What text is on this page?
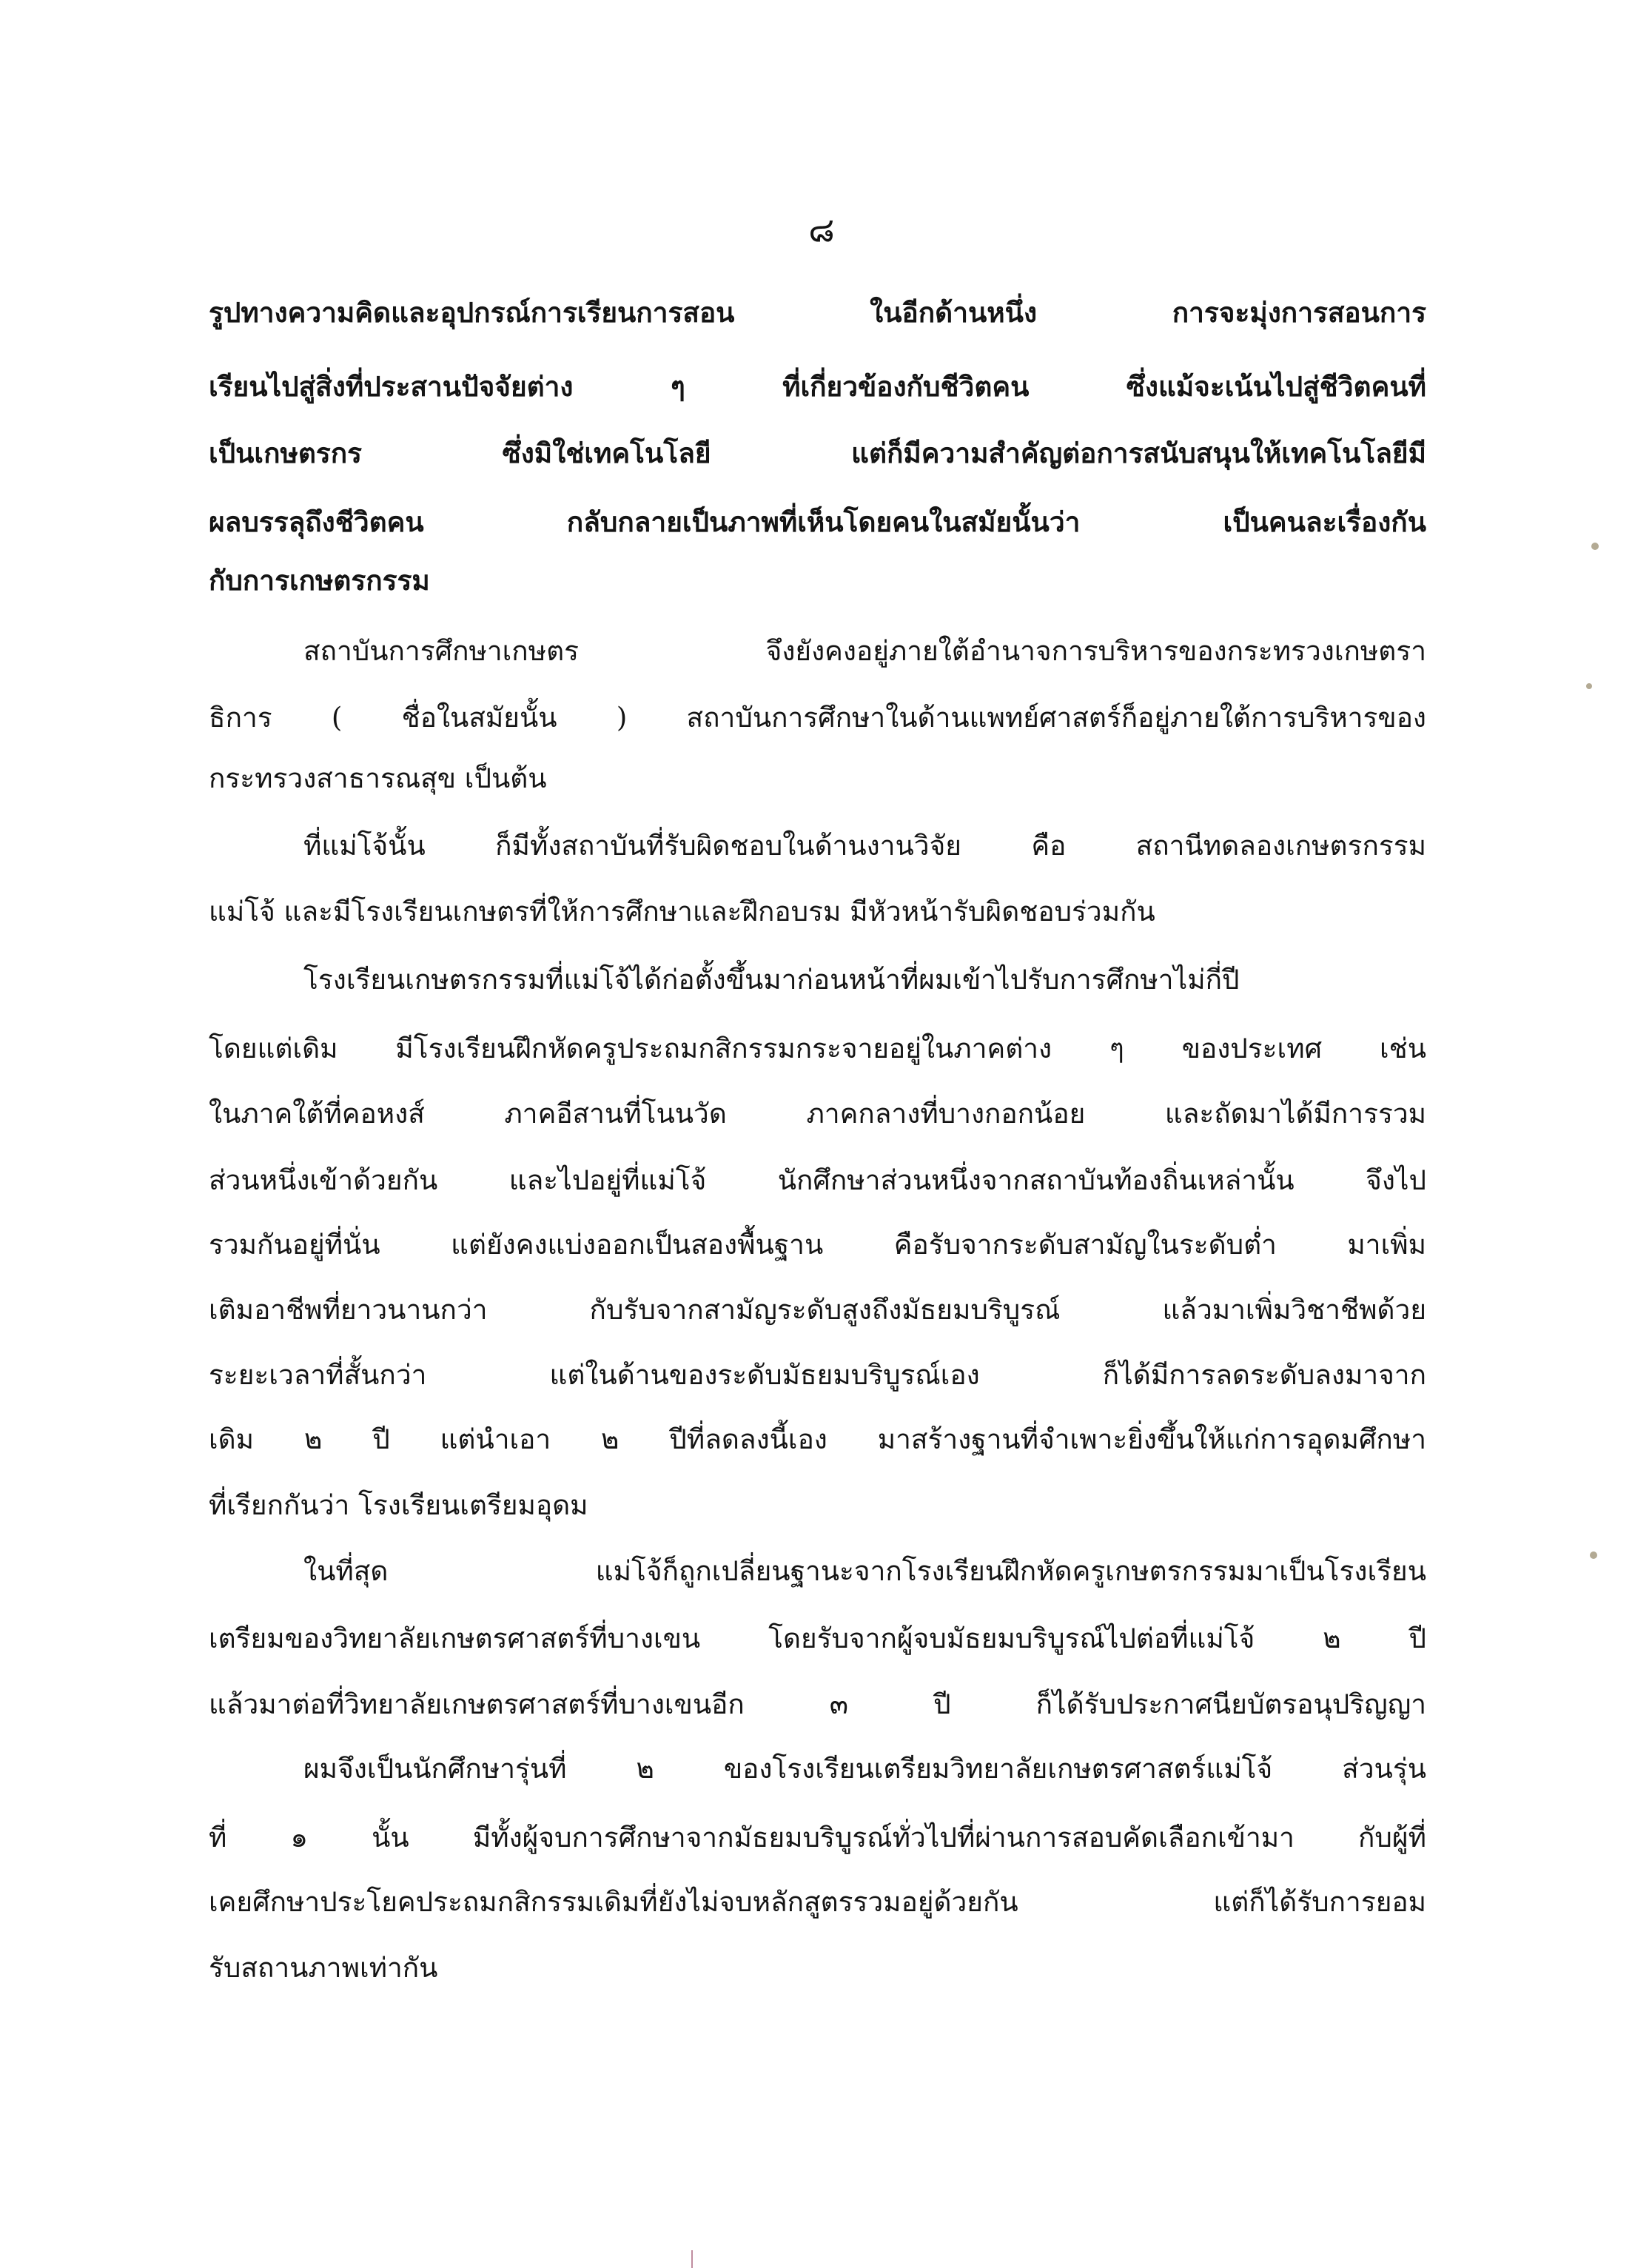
๘
รูปทางความคิดและอุปกรณ์การเรียนการสอน ในอีกด้านหนึ่ง การจะมุ่งการสอนการ
เรียนไปสู่สิ่งที่ประสานปัจจัยต่าง ๆ ที่เกี่ยวข้องกับชีวิตคน ซึ่งแม้จะเน้นไปสู่ชีวิตคนที่
เป็นเกษตรกร ซึ่งมิใช่เทคโนโลยี แต่ก็มีความสำคัญต่อการสนับสนุนให้เทคโนโลยีมี
ผลบรรลุถึงชีวิตคน กลับกลายเป็นภาพที่เห็นโดยคนในสมัยนั้นว่า เป็นคนละเรื่องกัน
กับการเกษตรกรรม
สถาบันการศึกษาเกษตร จึงยังคงอยู่ภายใต้อำนาจการบริหารของกระทรวงเกษตรา
ธิการ ( ชื่อในสมัยนั้น ) สถาบันการศึกษาในด้านแพทย์ศาสตร์ก็อยู่ภายใต้การบริหารของ
กระทรวงสาธารณสุข เป็นต้น
ที่แม่โจ้นั้น ก็มีทั้งสถาบันที่รับผิดชอบในด้านงานวิจัย คือ สถานีทดลองเกษตรกรรม
แม่โจ้ และมีโรงเรียนเกษตรที่ให้การศึกษาและฝึกอบรม มีหัวหน้ารับผิดชอบร่วมกัน
โรงเรียนเกษตรกรรมที่แม่โจ้ได้ก่อตั้งขึ้นมาก่อนหน้าที่ผมเข้าไปรับการศึกษาไม่กี่ปี
โดยแต่เดิม มีโรงเรียนฝึกหัดครูประถมกสิกรรมกระจายอยู่ในภาคต่าง ๆ ของประเทศ เช่น
ในภาคใต้ที่คอหงส์ ภาคอีสานที่โนนวัด ภาคกลางที่บางกอกน้อย และถัดมาได้มีการรวม
ส่วนหนึ่งเข้าด้วยกัน และไปอยู่ที่แม่โจ้ นักศึกษาส่วนหนึ่งจากสถาบันท้องถิ่นเหล่านั้น จึงไป
รวมกันอยู่ที่นั่น แต่ยังคงแบ่งออกเป็นสองพื้นฐาน คือรับจากระดับสามัญในระดับต่ำ มาเพิ่ม
เติมอาชีพที่ยาวนานกว่า กับรับจากสามัญระดับสูงถึงมัธยมบริบูรณ์ แล้วมาเพิ่มวิชาชีพด้วย
ระยะเวลาที่สั้นกว่า แต่ในด้านของระดับมัธยมบริบูรณ์เอง ก็ได้มีการลดระดับลงมาจาก
เดิม ๒ ปี แต่นำเอา ๒ ปีที่ลดลงนี้เอง มาสร้างฐานที่จำเพาะยิ่งขึ้นให้แก่การอุดมศึกษา
ที่เรียกกันว่า โรงเรียนเตรียมอุดม
ในที่สุด แม่โจ้ก็ถูกเปลี่ยนฐานะจากโรงเรียนฝึกหัดครูเกษตรกรรมมาเป็นโรงเรียน
เตรียมของวิทยาลัยเกษตรศาสตร์ที่บางเขน โดยรับจากผู้จบมัธยมบริบูรณ์ไปต่อที่แม่โจ้ ๒ ปี
แล้วมาต่อที่วิทยาลัยเกษตรศาสตร์ที่บางเขนอีก ๓ ปี ก็ได้รับประกาศนียบัตรอนุปริญญา
ผมจึงเป็นนักศึกษารุ่นที่ ๒ ของโรงเรียนเตรียมวิทยาลัยเกษตรศาสตร์แม่โจ้ ส่วนรุ่น
ที่ ๑ นั้น มีทั้งผู้จบการศึกษาจากมัธยมบริบูรณ์ทั่วไปที่ผ่านการสอบคัดเลือกเข้ามา กับผู้ที่
เคยศึกษาประโยคประถมกสิกรรมเดิมที่ยังไม่จบหลักสูตรรวมอยู่ด้วยกัน แต่ก็ได้รับการยอม
รับสถานภาพเท่ากัน
